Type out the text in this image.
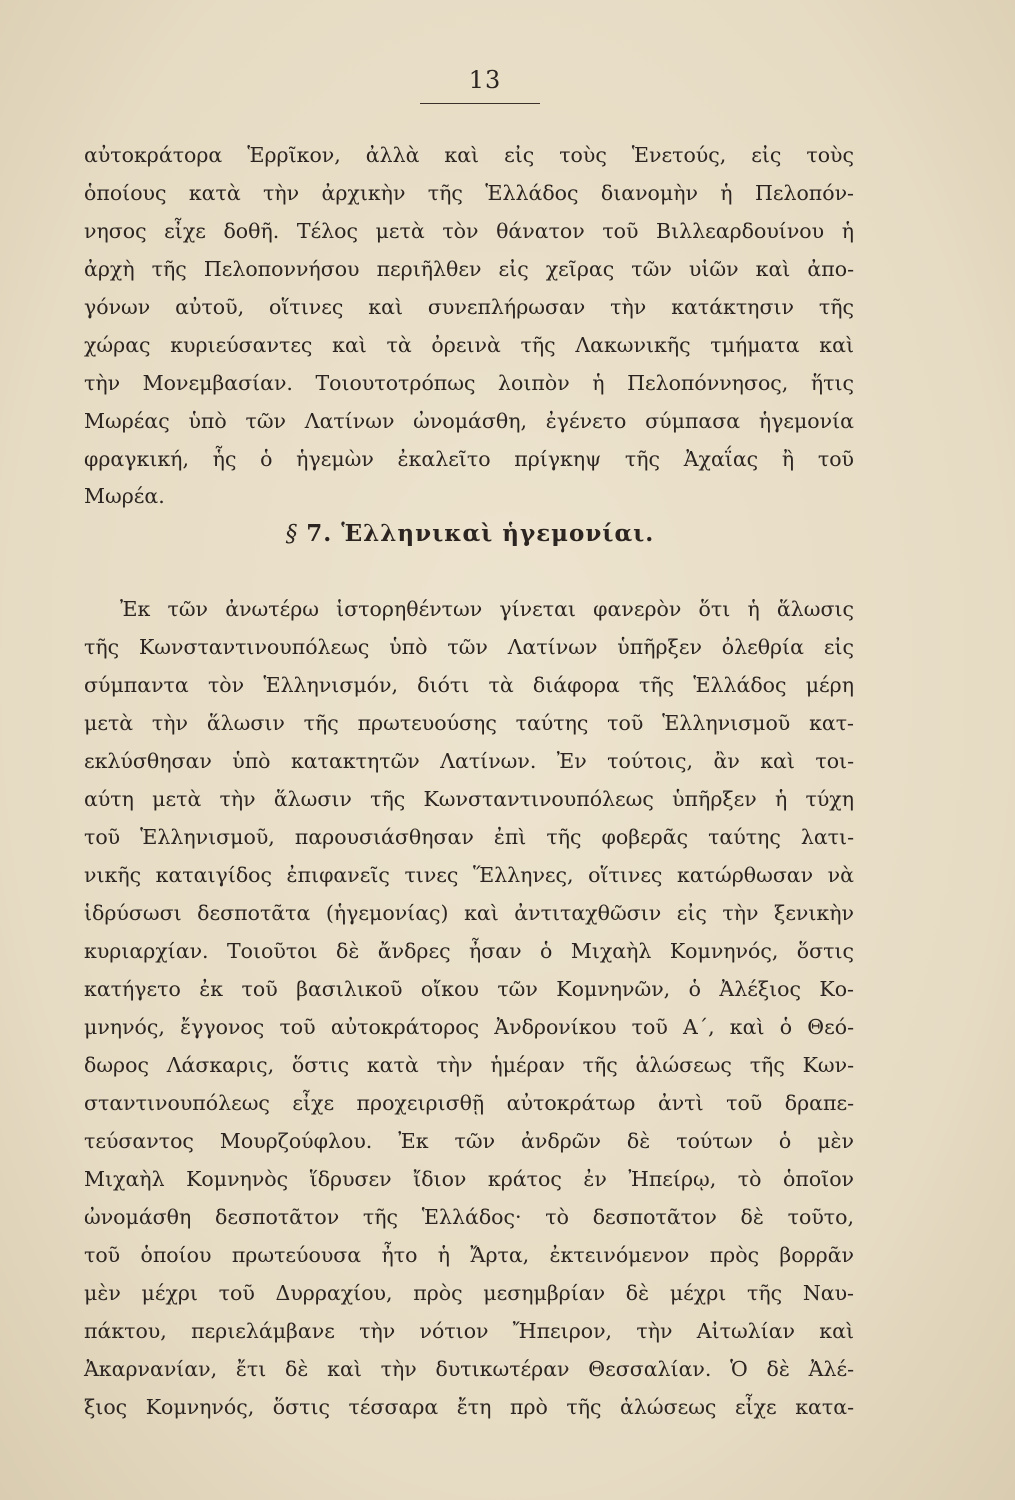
13
αὐτοκράτορα Ἑρρῖκον, ἀλλὰ καὶ εἰς τοὺς Ἑνετούς, εἰς τοὺς
ὁποίους κατὰ τὴν ἀρχικὴν τῆς Ἑλλάδος διανομὴν ἡ Πελοπόν-
νησος εἶχε δοθῆ. Τέλος μετὰ τὸν θάνατον τοῦ Βιλλεαρδουίνου ἡ
ἀρχὴ τῆς Πελοποννήσου περιῆλθεν εἰς χεῖρας τῶν υἱῶν καὶ ἀπο-
γόνων αὐτοῦ, οἵτινες καὶ συνεπλήρωσαν τὴν κατάκτησιν τῆς
χώρας κυριεύσαντες καὶ τὰ ὀρεινὰ τῆς Λακωνικῆς τμήματα καὶ
τὴν Μονεμβασίαν. Τοιουτοτρόπως λοιπὸν ἡ Πελοπόννησος, ἥτις
Μωρέας ὑπὸ τῶν Λατίνων ὠνομάσθη, ἐγένετο σύμπασα ἡγεμονία
φραγκική, ἧς ὁ ἡγεμὼν ἐκαλεῖτο πρίγκηψ τῆς Ἀχαΐας ἢ τοῦ
Μωρέα.
§ 7. Ἑλληνικαὶ ἡγεμονίαι.
Ἐκ τῶν ἀνωτέρω ἱστορηθέντων γίνεται φανερὸν ὅτι ἡ ἅλωσις
τῆς Κωνσταντινουπόλεως ὑπὸ τῶν Λατίνων ὑπῆρξεν ὀλεθρία εἰς
σύμπαντα τὸν Ἑλληνισμόν, διότι τὰ διάφορα τῆς Ἑλλάδος μέρη
μετὰ τὴν ἅλωσιν τῆς πρωτευούσης ταύτης τοῦ Ἑλληνισμοῦ κατ-
εκλύσθησαν ὑπὸ κατακτητῶν Λατίνων. Ἐν τούτοις, ἂν καὶ τοι-
αύτη μετὰ τὴν ἅλωσιν τῆς Κωνσταντινουπόλεως ὑπῆρξεν ἡ τύχη
τοῦ Ἑλληνισμοῦ, παρουσιάσθησαν ἐπὶ τῆς φοβερᾶς ταύτης λατι-
νικῆς καταιγίδος ἐπιφανεῖς τινες Ἕλληνες, οἵτινες κατώρθωσαν νὰ
ἱδρύσωσι δεσποτᾶτα (ἡγεμονίας) καὶ ἀντιταχθῶσιν εἰς τὴν ξενικὴν
κυριαρχίαν. Τοιοῦτοι δὲ ἄνδρες ἦσαν ὁ Μιχαὴλ Κομνηνός, ὅστις
κατήγετο ἐκ τοῦ βασιλικοῦ οἴκου τῶν Κομνηνῶν, ὁ Ἀλέξιος Κο-
μνηνός, ἔγγονος τοῦ αὐτοκράτορος Ἀνδρονίκου τοῦ Α΄, καὶ ὁ Θεό-
δωρος Λάσκαρις, ὅστις κατὰ τὴν ἡμέραν τῆς ἁλώσεως τῆς Κων-
σταντινουπόλεως εἶχε προχειρισθῇ αὐτοκράτωρ ἀντὶ τοῦ δραπε-
τεύσαντος Μουρζούφλου. Ἐκ τῶν ἀνδρῶν δὲ τούτων ὁ μὲν
Μιχαὴλ Κομνηνὸς ἵδρυσεν ἴδιον κράτος ἐν Ἠπείρῳ, τὸ ὁποῖον
ὠνομάσθη δεσποτᾶτον τῆς Ἑλλάδος· τὸ δεσποτᾶτον δὲ τοῦτο,
τοῦ ὁποίου πρωτεύουσα ἦτο ἡ Ἄρτα, ἐκτεινόμενον πρὸς βορρᾶν
μὲν μέχρι τοῦ Δυρραχίου, πρὸς μεσημβρίαν δὲ μέχρι τῆς Ναυ-
πάκτου, περιελάμβανε τὴν νότιον Ἤπειρον, τὴν Αἰτωλίαν καὶ
Ἀκαρνανίαν, ἔτι δὲ καὶ τὴν δυτικωτέραν Θεσσαλίαν. Ὁ δὲ Ἀλέ-
ξιος Κομνηνός, ὅστις τέσσαρα ἔτη πρὸ τῆς ἁλώσεως εἶχε κατα-
